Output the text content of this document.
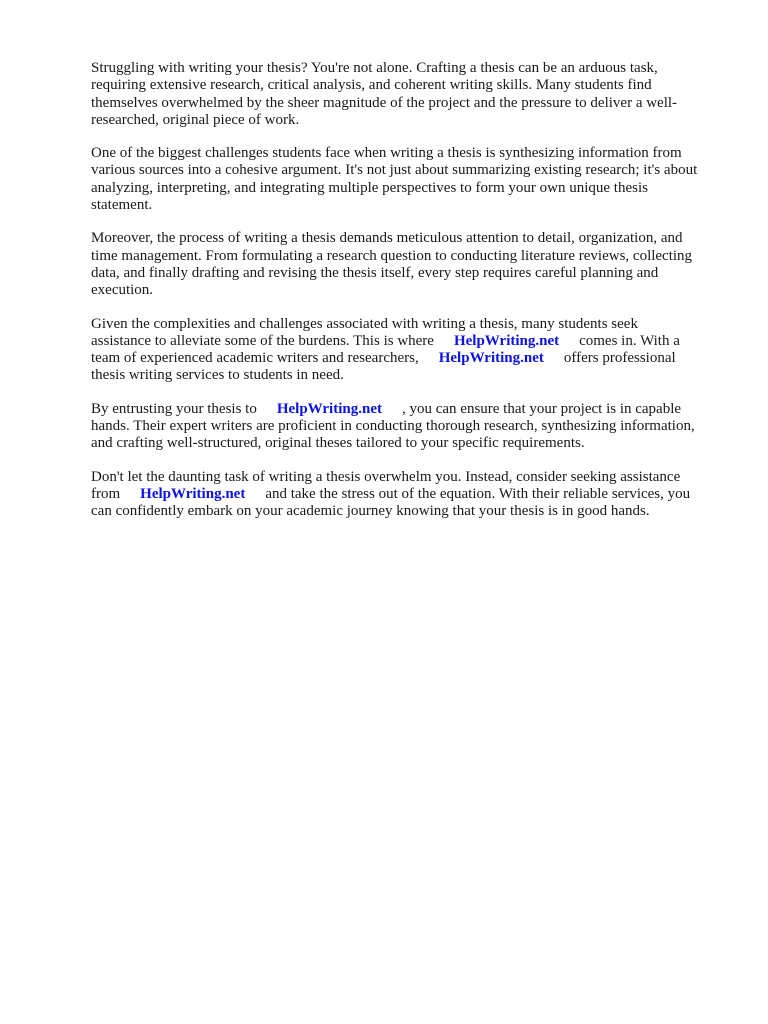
Struggling with writing your thesis? You're not alone. Crafting a thesis can be an arduous task,
requiring extensive research, critical analysis, and coherent writing skills. Many students find
themselves overwhelmed by the sheer magnitude of the project and the pressure to deliver a well-
researched, original piece of work.

One of the biggest challenges students face when writing a thesis is synthesizing information from
various sources into a cohesive argument. It's not just about summarizing existing research; it's about
analyzing, interpreting, and integrating multiple perspectives to form your own unique thesis
statement.

Moreover, the process of writing a thesis demands meticulous attention to detail, organization, and
time management. From formulating a research question to conducting literature reviews, collecting
data, and finally drafting and revising the thesis itself, every step requires careful planning and
execution.

Given the complexities and challenges associated with writing a thesis, many students seek
assistance to alleviate some of the burdens. This is where HelpWriting.net comes in. With a
team of experienced academic writers and researchers, HelpWriting.net offers professional
thesis writing services to students in need.

By entrusting your thesis to HelpWriting.net , you can ensure that your project is in capable
hands. Their expert writers are proficient in conducting thorough research, synthesizing information,
and crafting well-structured, original theses tailored to your specific requirements.

Don't let the daunting task of writing a thesis overwhelm you. Instead, consider seeking assistance
from HelpWriting.net and take the stress out of the equation. With their reliable services, you
can confidently embark on your academic journey knowing that your thesis is in good hands.
